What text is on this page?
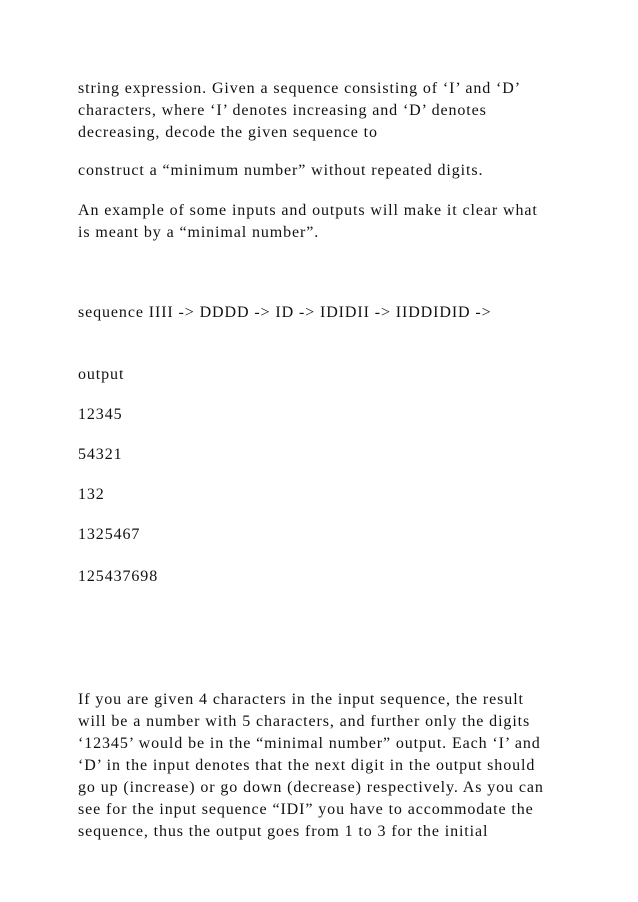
string expression. Given a sequence consisting of ‘I’ and ‘D’
characters, where ‘I’ denotes increasing and ‘D’ denotes
decreasing, decode the given sequence to

construct a “minimum number” without repeated digits.

An example of some inputs and outputs will make it clear what
is meant by a “minimal number”.

sequence IIII -> DDDD -> ID -> IDIDII -> IIDDIDID ->

output

12345

54321

132

1325467

125437698

If you are given 4 characters in the input sequence, the result
will be a number with 5 characters, and further only the digits
‘12345’ would be in the “minimal number” output. Each ‘I’ and
‘D’ in the input denotes that the next digit in the output should
go up (increase) or go down (decrease) respectively. As you can
see for the input sequence “IDI” you have to accommodate the
sequence, thus the output goes from 1 to 3 for the initial
